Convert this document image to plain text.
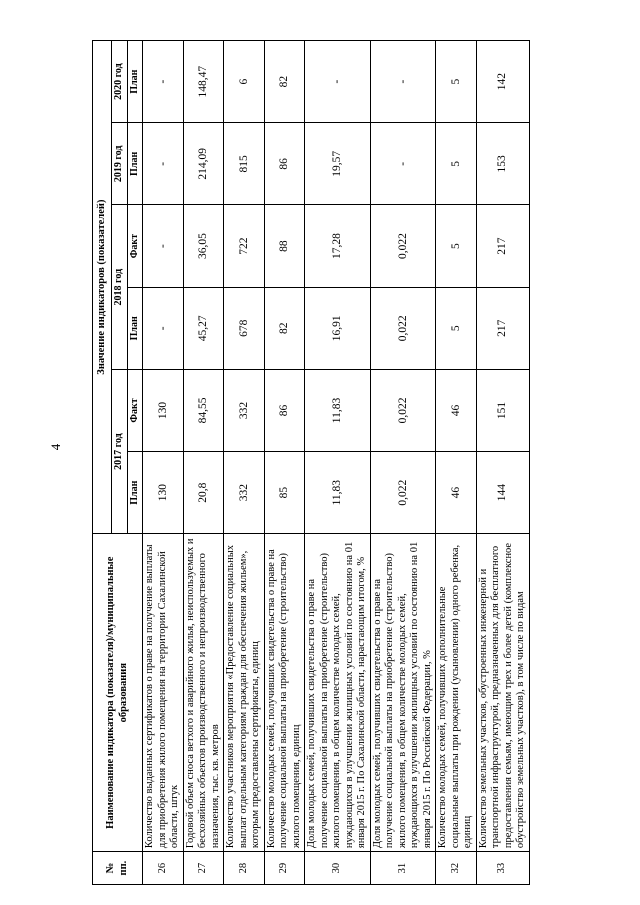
4
№ пп.	Наименование индикатора (показателя)/муниципальные образования	Значение индикаторов (показателей)					
		2017 год		2018 год		2019 год	2020 год
		План	Факт	План	Факт	План	План
26	Количество выданных сертификатов о праве на получение выплаты для приобретения жилого помещения на территории Сахалинской области, штук	130	130	-	-	-	-
27	Годовой объем сноса ветхого и аварийного жилья, неиспользуемых и бесхозяйных объектов производственного и непроизводственного назначения, тыс. кв. метров	20,8	84,55	45,27	36,05	214,09	148,47
28	Количество участников мероприятия «Предоставление социальных выплат отдельным категориям граждан для обеспечения жильем», которым предоставлены сертификаты, единиц	332	332	678	722	815	6
29	Количество молодых семей, получивших свидетельства о праве на получение социальной выплаты на приобретение (строительство) жилого помещения, единиц	85	86	82	88	86	82
30	Доля молодых семей, получивших свидетельства о праве на получение социальной выплаты на приобретение (строительство) жилого помещения, в общем количестве молодых семей, нуждающихся в улучшении жилищных условий по состоянию на 01 января 2015 г. По Сахалинской области, нарастающим итогом, %	11,83	11,83	16,91	17,28	19,57	-
31	Доля молодых семей, получивших свидетельства о праве на получение социальной выплаты на приобретение (строительство) жилого помещения, в общем количестве молодых семей, нуждающихся в улучшении жилищных условий по состоянию на 01 января 2015 г. По Российской Федерации, %	0,022	0,022	0,022	0,022	-	-
32	Количество молодых семей, получивших дополнительные социальные выплаты при рождении (усыновлении) одного ребенка, единиц	46	46	5	5	5	5
33	Количество земельных участков, обустроенных инженерной и транспортной инфраструктурой, предназначенных для бесплатного предоставления семьям, имеющим трех и более детей (комплексное обустройство земельных участков), в том числе по видам	144	151	217	217	153	142
